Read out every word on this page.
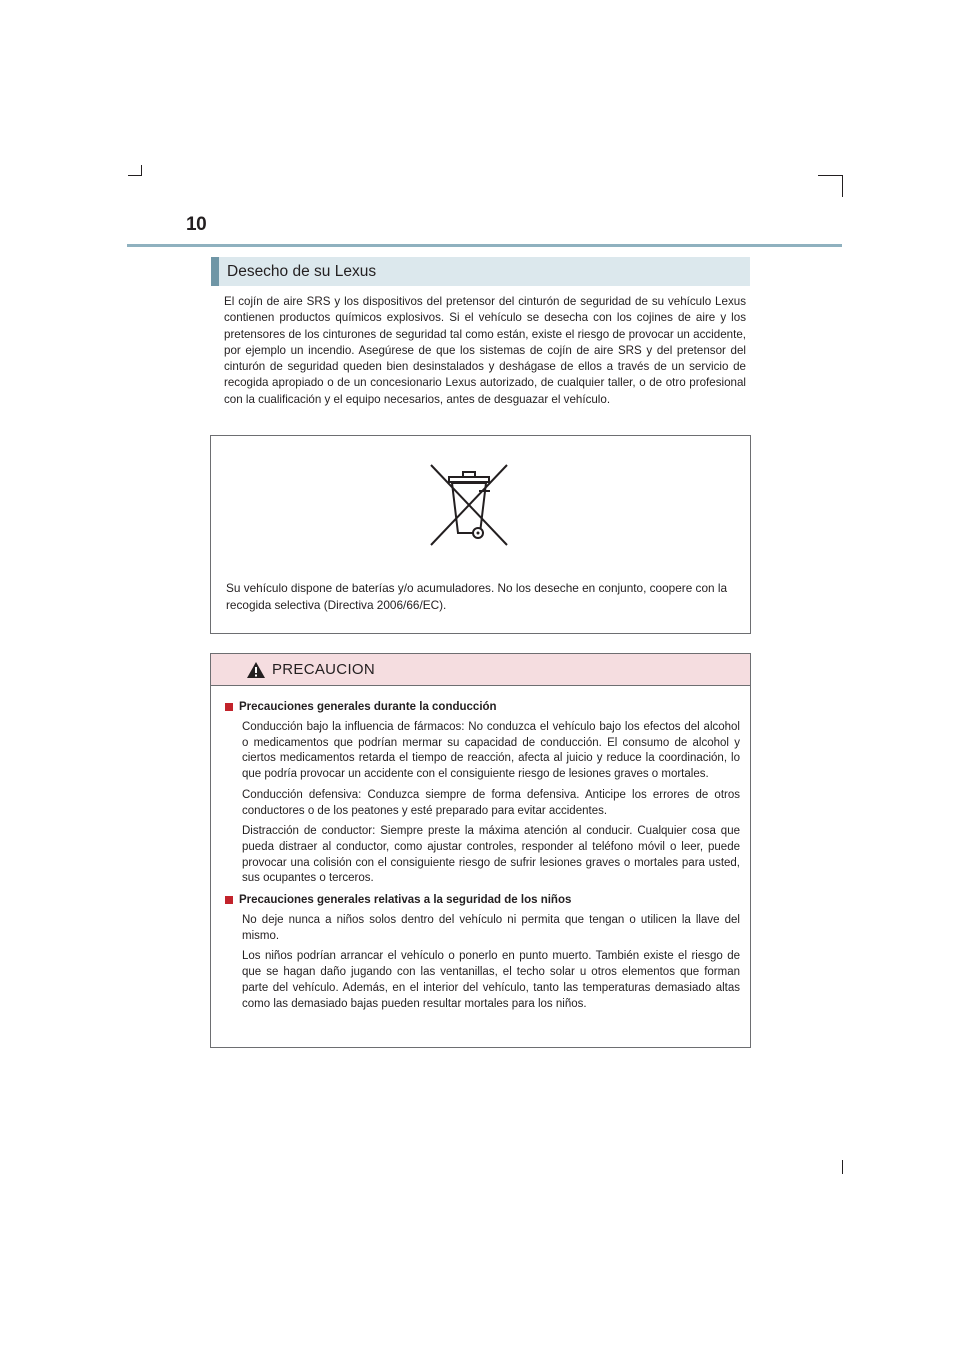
10
Desecho de su Lexus

El cojín de aire SRS y los dispositivos del pretensor del cinturón de seguridad de su vehículo Lexus contienen productos químicos explosivos. Si el vehículo se desecha con los cojines de aire y los pretensores de los cinturones de seguridad tal como están, existe el riesgo de provocar un accidente, por ejemplo un incendio. Asegúrese de que los sistemas de cojín de aire SRS y del pretensor del cinturón de seguridad queden bien desinstalados y deshágase de ellos a través de un servicio de recogida apropiado o de un concesionario Lexus autorizado, de cualquier taller, o de otro profesional con la cualificación y el equipo necesarios, antes de desguazar el vehículo.

Su vehículo dispone de baterías y/o acumuladores. No los deseche en conjunto, coopere con la recogida selectiva (Directiva 2006/66/EC).

PRECAUCION
Precauciones generales durante la conducción

Conducción bajo la influencia de fármacos: No conduzca el vehículo bajo los efectos del alcohol o medicamentos que podrían mermar su capacidad de conducción. El consumo de alcohol y ciertos medicamentos retarda el tiempo de reacción, afecta al juicio y reduce la coordinación, lo que podría provocar un accidente con el consiguiente riesgo de lesiones graves o mortales.

Conducción defensiva: Conduzca siempre de forma defensiva. Anticipe los errores de otros conductores o de los peatones y esté preparado para evitar accidentes.

Distracción de conductor: Siempre preste la máxima atención al conducir. Cualquier cosa que pueda distraer al conductor, como ajustar controles, responder al teléfono móvil o leer, puede provocar una colisión con el consiguiente riesgo de sufrir lesiones graves o mortales para usted, sus ocupantes o terceros.

Precauciones generales relativas a la seguridad de los niños

No deje nunca a niños solos dentro del vehículo ni permita que tengan o utilicen la llave del mismo.

Los niños podrían arrancar el vehículo o ponerlo en punto muerto. También existe el riesgo de que se hagan daño jugando con las ventanillas, el techo solar u otros elementos que forman parte del vehículo. Además, en el interior del vehículo, tanto las temperaturas demasiado altas como las demasiado bajas pueden resultar mortales para los niños.
